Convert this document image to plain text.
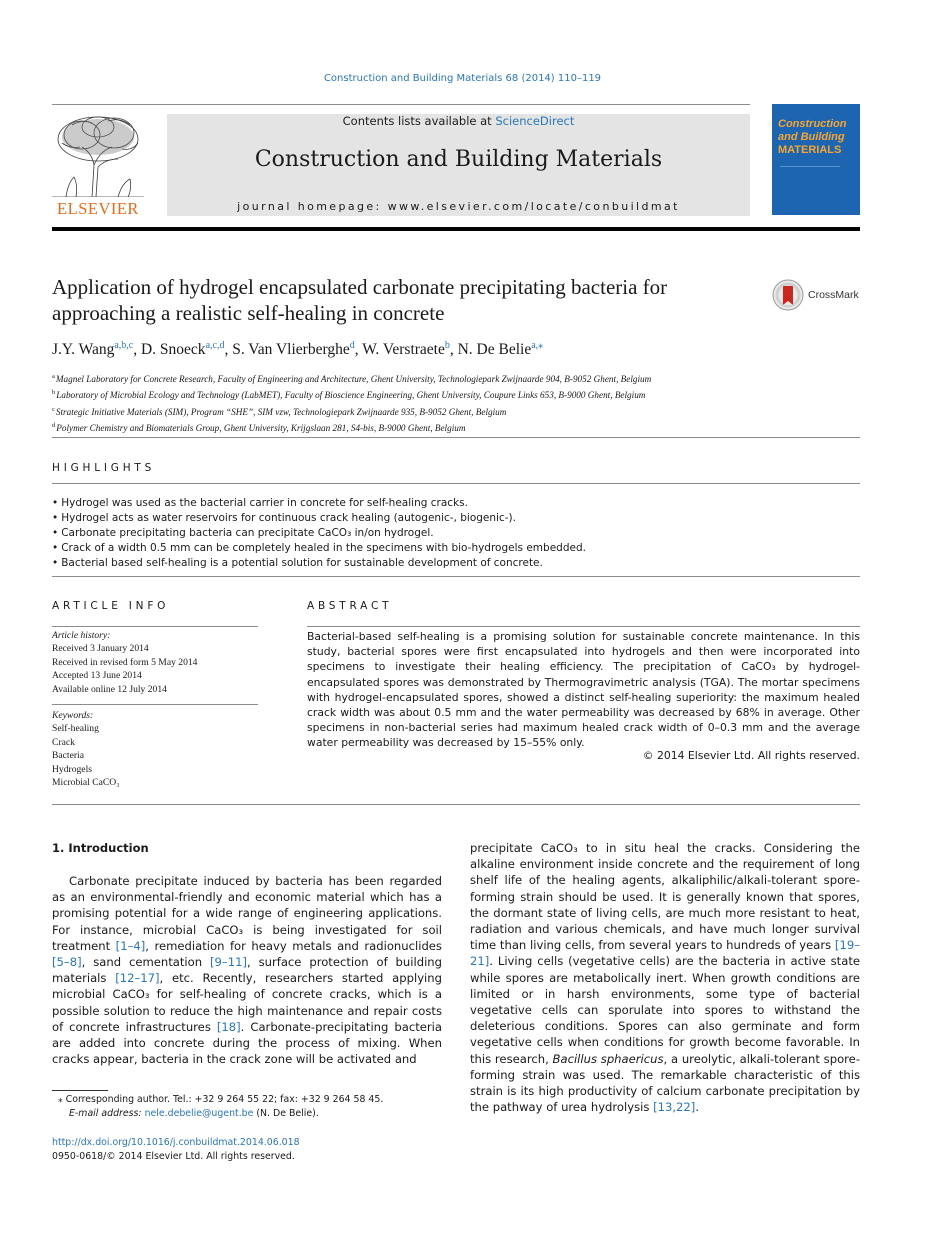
Construction and Building Materials 68 (2014) 110–119
ELSEVIER
Contents lists available at ScienceDirect
Construction and Building Materials
journal homepage: www.elsevier.com/locate/conbuildmat
Construction
and Building
MATERIALS
Application of hydrogel encapsulated carbonate precipitating bacteria for approaching a realistic self-healing in concrete
CrossMark
J.Y. Wang$^{a,b,c}$, D. Snoeck$^{a,c,d}$, S. Van Vlierberghe$^d$, W. Verstraete$^b$, N. De Belie$^{a,⁎}$
$^a$Magnel Laboratory for Concrete Research, Faculty of Engineering and Architecture, Ghent University, Technologiepark Zwijnaarde 904, B-9052 Ghent, Belgium
$^b$Laboratory of Microbial Ecology and Technology (LabMET), Faculty of Bioscience Engineering, Ghent University, Coupure Links 653, B-9000 Ghent, Belgium
$^c$Strategic Initiative Materials (SIM), Program “SHE”, SIM vzw, Technologiepark Zwijnaarde 935, B-9052 Ghent, Belgium
$^d$Polymer Chemistry and Biomaterials Group, Ghent University, Krijgslaan 281, S4-bis, B-9000 Ghent, Belgium
HIGHLIGHTS
• Hydrogel was used as the bacterial carrier in concrete for self-healing cracks.
• Hydrogel acts as water reservoirs for continuous crack healing (autogenic-, biogenic-).
• Carbonate precipitating bacteria can precipitate CaCO₃ in/on hydrogel.
• Crack of a width 0.5 mm can be completely healed in the specimens with bio-hydrogels embedded.
• Bacterial based self-healing is a potential solution for sustainable development of concrete.
ARTICLE INFO
Article history:
Received 3 January 2014
Received in revised form 5 May 2014
Accepted 13 June 2014
Available online 12 July 2014
Keywords:
Self-healing
Crack
Bacteria
Hydrogels
Microbial CaCO₃
ABSTRACT
Bacterial-based self-healing is a promising solution for sustainable concrete maintenance. In this study, bacterial spores were first encapsulated into hydrogels and then were incorporated into specimens to investigate their healing efficiency. The precipitation of CaCO₃ by hydrogel-encapsulated spores was demonstrated by Thermogravimetric analysis (TGA). The mortar specimens with hydrogel-encapsulated spores, showed a distinct self-healing superiority: the maximum healed crack width was about 0.5 mm and the water permeability was decreased by 68% in average. Other specimens in non-bacterial series had maximum healed crack width of 0–0.3 mm and the average water permeability was decreased by 15–55% only.
© 2014 Elsevier Ltd. All rights reserved.
1. Introduction
Carbonate precipitate induced by bacteria has been regarded as an environmental-friendly and economic material which has a promising potential for a wide range of engineering applications. For instance, microbial CaCO₃ is being investigated for soil treatment [1–4], remediation for heavy metals and radionuclides [5–8], sand cementation [9–11], surface protection of building materials [12–17], etc. Recently, researchers started applying microbial CaCO₃ for self-healing of concrete cracks, which is a possible solution to reduce the high maintenance and repair costs of concrete infrastructures [18]. Carbonate-precipitating bacteria are added into concrete during the process of mixing. When cracks appear, bacteria in the crack zone will be activated and
precipitate CaCO₃ to in situ heal the cracks. Considering the alkaline environment inside concrete and the requirement of long shelf life of the healing agents, alkaliphilic/alkali-tolerant spore-forming strain should be used. It is generally known that spores, the dormant state of living cells, are much more resistant to heat, radiation and various chemicals, and have much longer survival time than living cells, from several years to hundreds of years [19–21]. Living cells (vegetative cells) are the bacteria in active state while spores are metabolically inert. When growth conditions are limited or in harsh environments, some type of bacterial vegetative cells can sporulate into spores to withstand the deleterious conditions. Spores can also germinate and form vegetative cells when conditions for growth become favorable. In this research, Bacillus sphaericus, a ureolytic, alkali-tolerant spore-forming strain was used. The remarkable characteristic of this strain is its high productivity of calcium carbonate precipitation by the pathway of urea hydrolysis [13,22].
⁎ Corresponding author. Tel.: +32 9 264 55 22; fax: +32 9 264 58 45.
E-mail address: nele.debelie@ugent.be (N. De Belie).
http://dx.doi.org/10.1016/j.conbuildmat.2014.06.018
0950-0618/© 2014 Elsevier Ltd. All rights reserved.
